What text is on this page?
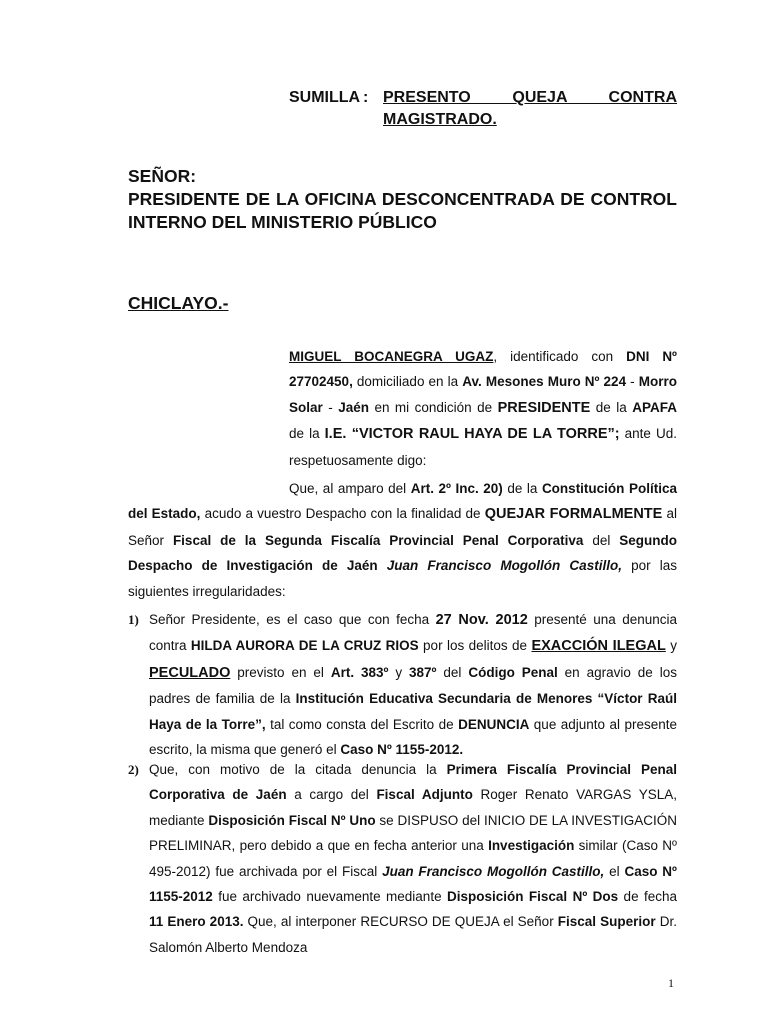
SUMILLA : PRESENTO QUEJA CONTRA MAGISTRADO.
SEÑOR:
PRESIDENTE DE LA OFICINA DESCONCENTRADA DE CONTROL INTERNO DEL MINISTERIO PÚBLICO
CHICLAYO.-
MIGUEL BOCANEGRA UGAZ, identificado con DNI Nº 27702450, domiciliado en la Av. Mesones Muro Nº 224 - Morro Solar - Jaén en mi condición de PRESIDENTE de la APAFA de la I.E. “VICTOR RAUL HAYA DE LA TORRE”; ante Ud. respetuosamente digo:
Que, al amparo del Art. 2º Inc. 20) de la Constitución Política del Estado, acudo a vuestro Despacho con la finalidad de QUEJAR FORMALMENTE al Señor Fiscal de la Segunda Fiscalía Provincial Penal Corporativa del Segundo Despacho de Investigación de Jaén Juan Francisco Mogollón Castillo, por las siguientes irregularidades:
1) Señor Presidente, es el caso que con fecha 27 Nov. 2012 presenté una denuncia contra HILDA AURORA DE LA CRUZ RIOS por los delitos de EXACCIÓN ILEGAL y PECULADO previsto en el Art. 383º y 387º del Código Penal en agravio de los padres de familia de la Institución Educativa Secundaria de Menores “Víctor Raúl Haya de la Torre”, tal como consta del Escrito de DENUNCIA que adjunto al presente escrito, la misma que generó el Caso Nº 1155-2012.
2) Que, con motivo de la citada denuncia la Primera Fiscalía Provincial Penal Corporativa de Jaén a cargo del Fiscal Adjunto Roger Renato VARGAS YSLA, mediante Disposición Fiscal Nº Uno se DISPUSO del INICIO DE LA INVESTIGACIÓN PRELIMINAR, pero debido a que en fecha anterior una Investigación similar (Caso Nº 495-2012) fue archivada por el Fiscal Juan Francisco Mogollón Castillo, el Caso Nº 1155-2012 fue archivado nuevamente mediante Disposición Fiscal Nº Dos de fecha 11 Enero 2013. Que, al interponer RECURSO DE QUEJA el Señor Fiscal Superior Dr. Salomón Alberto Mendoza
1
